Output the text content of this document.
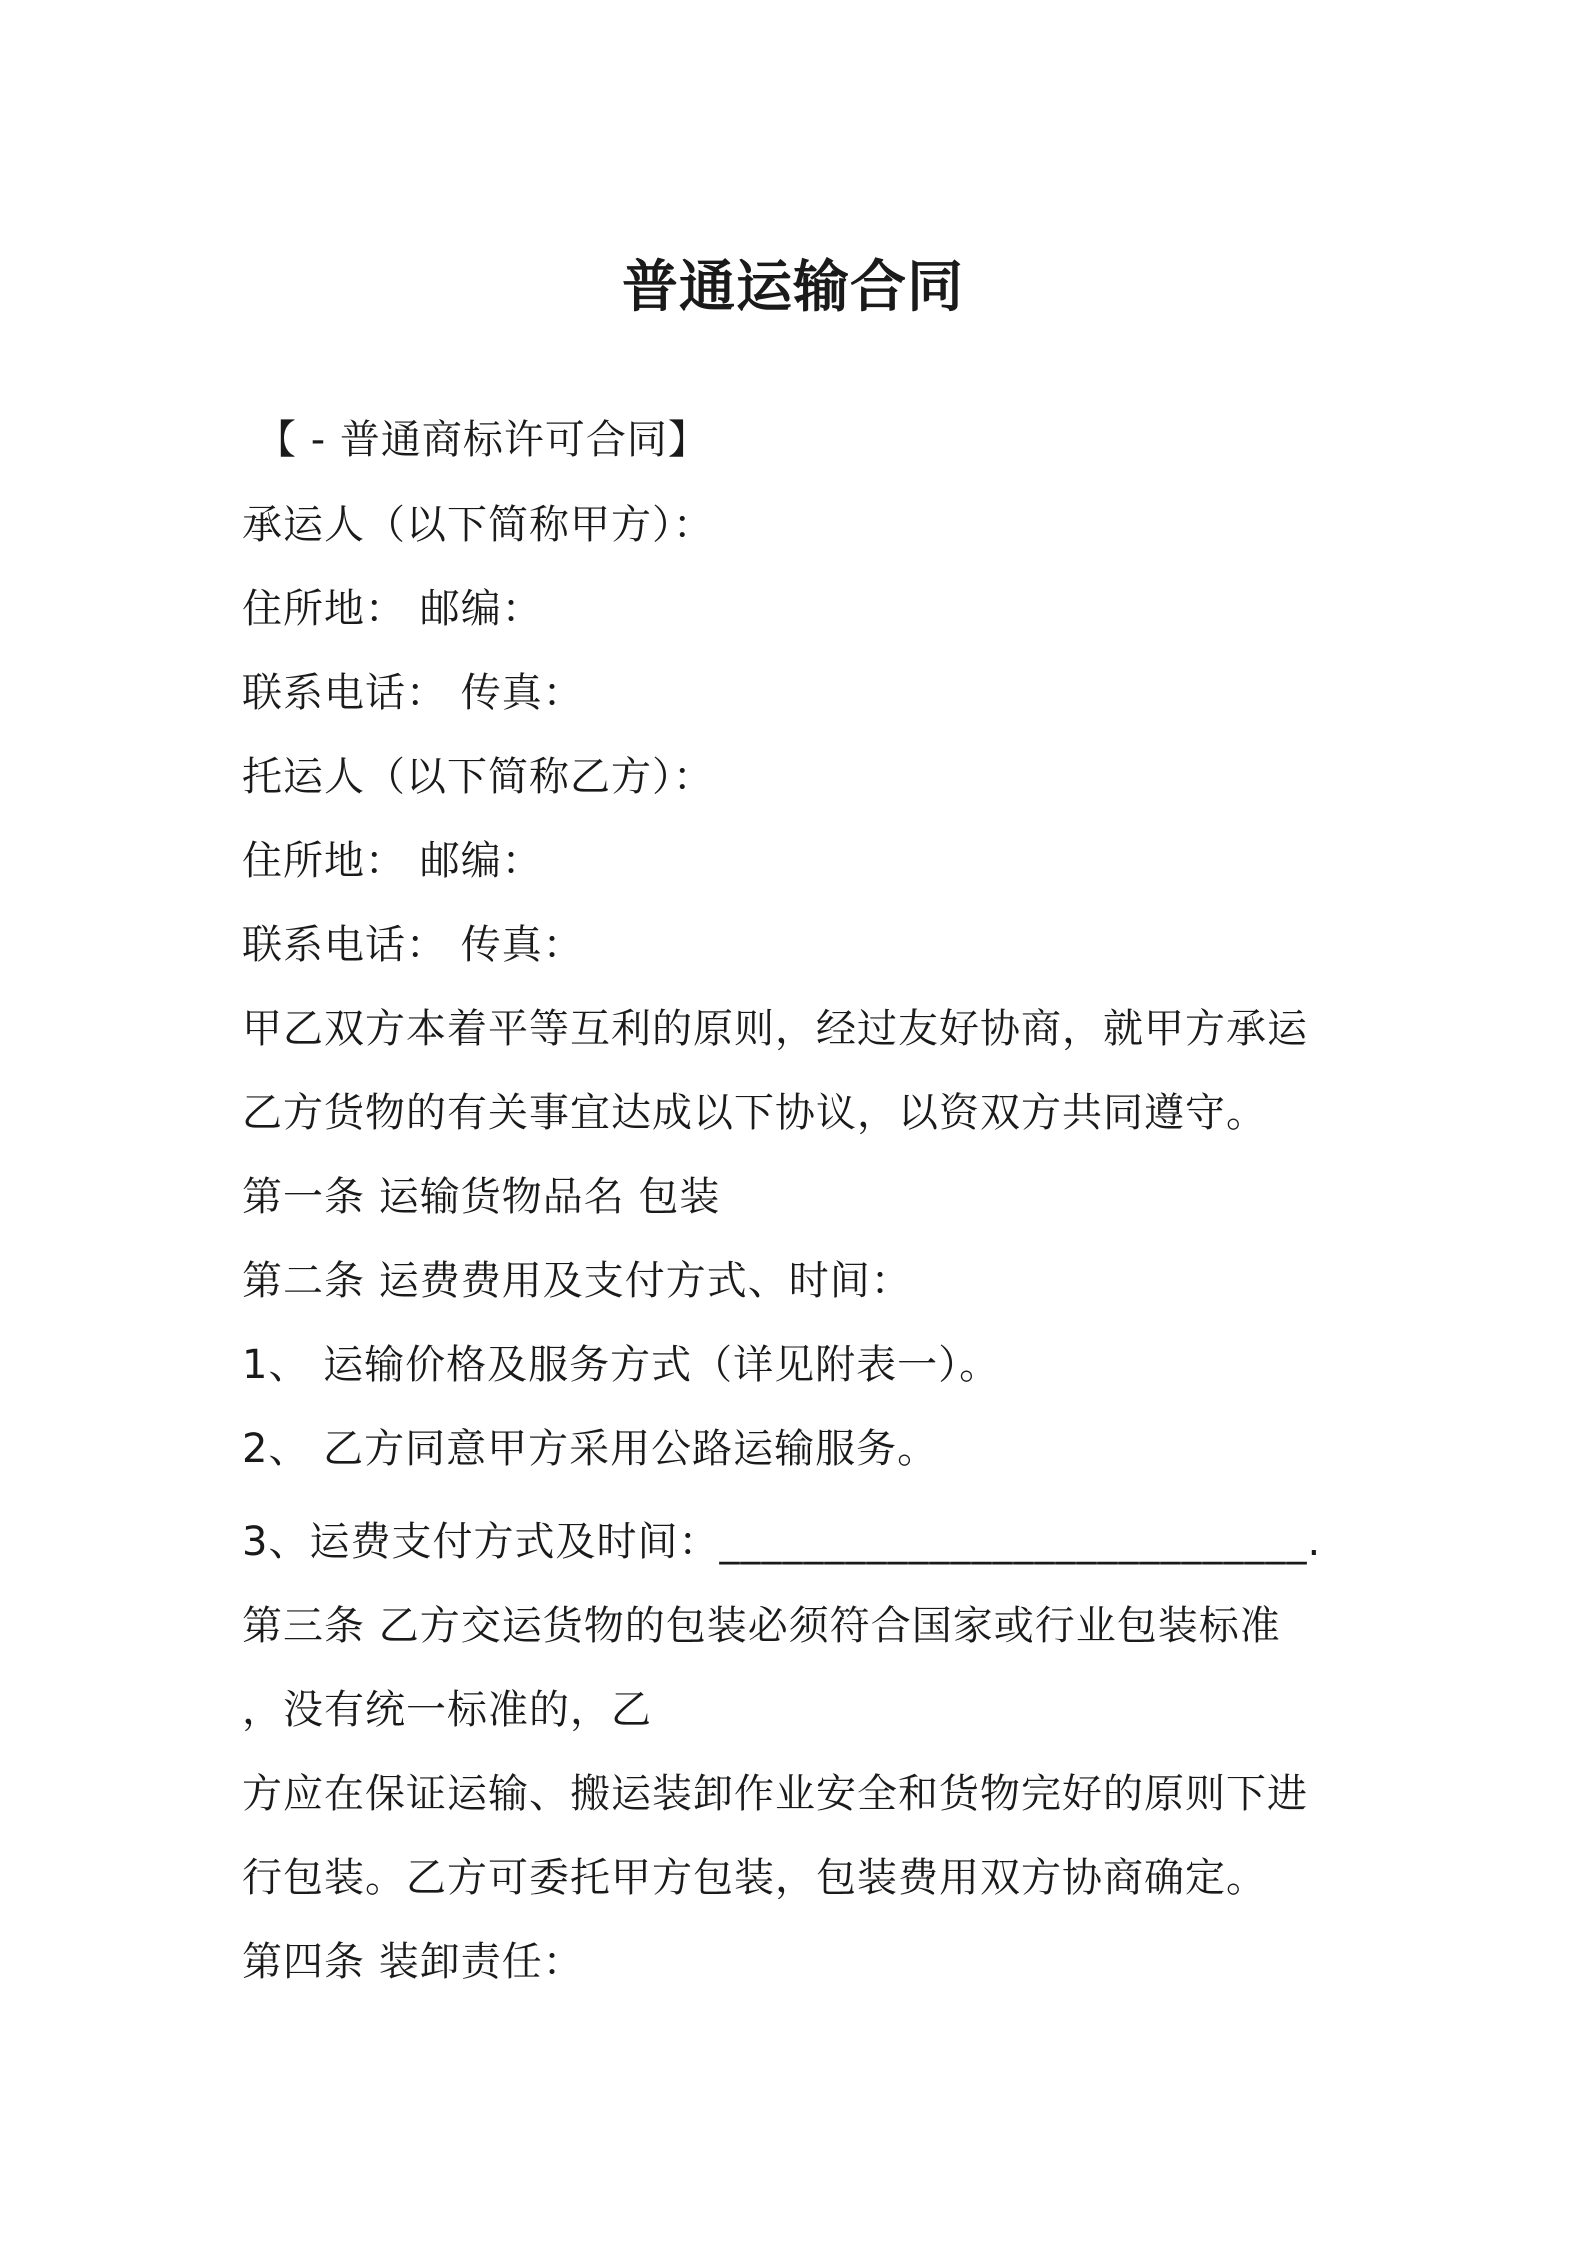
普通运输合同
【 - 普通商标许可合同】
承运人（以下简称甲方）：
住所地： 邮编：
联系电话： 传真：
托运人（以下简称乙方）：
住所地： 邮编：
联系电话： 传真：
甲乙双方本着平等互利的原则，经过友好协商，就甲方承运
乙方货物的有关事宜达成以下协议，以资双方共同遵守。
第一条 运输货物品名 包装
第二条 运费费用及支付方式、时间：
1、 运输价格及服务方式（详见附表一）。
2、 乙方同意甲方采用公路运输服务。
3、运费支付方式及时间：____________________________.
第三条 乙方交运货物的包装必须符合国家或行业包装标准
，没有统一标准的，乙
方应在保证运输、搬运装卸作业安全和货物完好的原则下进
行包装。乙方可委托甲方包装，包装费用双方协商确定。
第四条 装卸责任：
